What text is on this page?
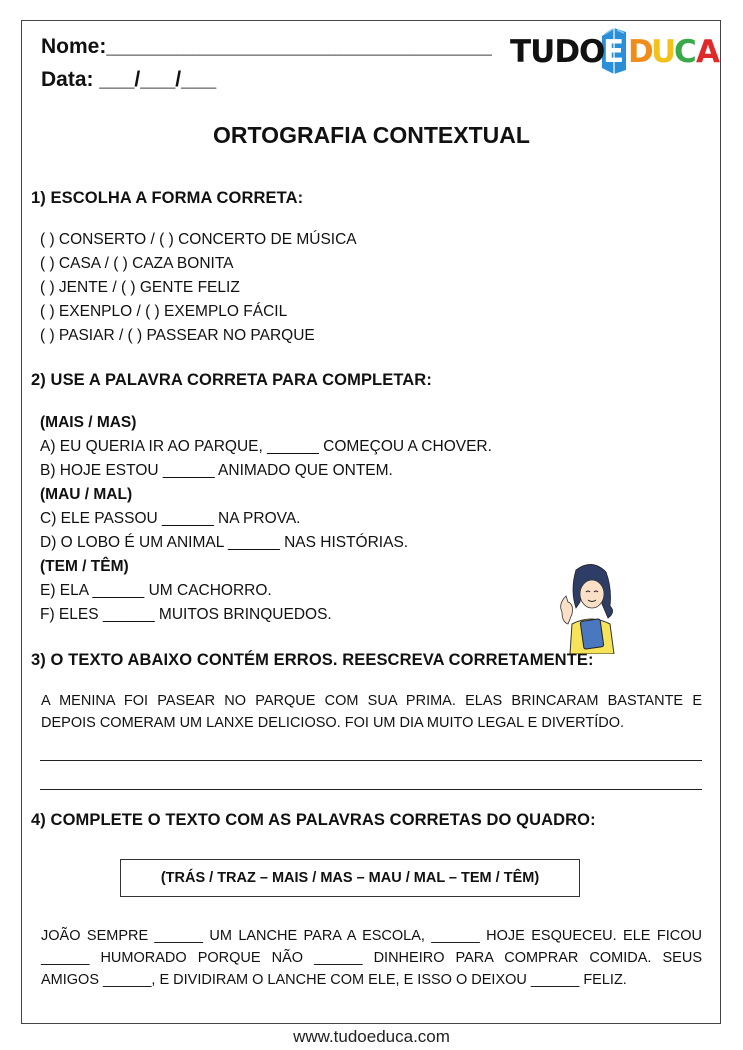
Nome:_________________________________
Data: ___/___/___
TUDO
E D
U
C A
ORTOGRAFIA CONTEXTUAL
1) ESCOLHA A FORMA CORRETA:
( ) CONSERTO / ( ) CONCERTO DE MÚSICA
( ) CASA / ( ) CAZA BONITA
( ) JENTE / ( ) GENTE FELIZ
( ) EXENPLO / ( ) EXEMPLO FÁCIL
( ) PASIAR / ( ) PASSEAR NO PARQUE
2) USE A PALAVRA CORRETA PARA COMPLETAR:
(MAIS / MAS)
A) EU QUERIA IR AO PARQUE, ______ COMEÇOU A CHOVER.
B) HOJE ESTOU ______ ANIMADO QUE ONTEM.
(MAU / MAL)
C) ELE PASSOU ______ NA PROVA.
D) O LOBO É UM ANIMAL ______ NAS HISTÓRIAS.
(TEM / TÊM)
E) ELA ______ UM CACHORRO.
F) ELES ______ MUITOS BRINQUEDOS.
3) O TEXTO ABAIXO CONTÉM ERROS. REESCREVA CORRETAMENTE:
A MENINA FOI PASEAR NO PARQUE COM SUA PRIMA. ELAS BRINCARAM BASTANTE E
DEPOIS COMERAM UM LANXE DELICIOSO. FOI UM DIA MUITO LEGAL E DIVERTÍDO.
4) COMPLETE O TEXTO COM AS PALAVRAS CORRETAS DO QUADRO:
(TRÁS / TRAZ – MAIS / MAS – MAU / MAL – TEM / TÊM)
JOÃO SEMPRE ______ UM LANCHE PARA A ESCOLA, ______ HOJE ESQUECEU. ELE FICOU
______ HUMORADO PORQUE NÃO ______ DINHEIRO PARA COMPRAR COMIDA. SEUS
AMIGOS ______, E DIVIDIRAM O LANCHE COM ELE, E ISSO O DEIXOU ______ FELIZ.
www.tudoeduca.com
